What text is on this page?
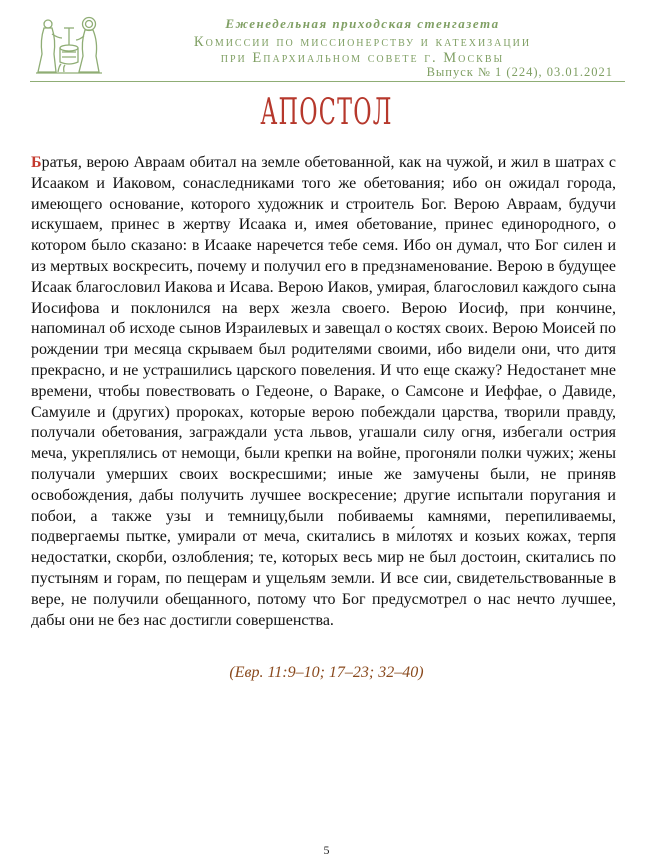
Еженедельная приходская стенгазета
Комиссии по миссионерству и катехизации
при Епархиальном совете г. Москвы
Выпуск № 1 (224), 03.01.2021
АПОСТОЛ

Братья, верою Авраам обитал на земле обетованной, как на чужой, и жил в шатрах с Исааком и Иаковом, сонаследниками того же обетования; ибо он ожидал города, имеющего основание, которого художник и строитель Бог. Верою Авраам, будучи искушаем, принес в жертву Исаака и, имея обетование, принес единородного, о котором было сказано: в Исааке наречется тебе семя. Ибо он думал, что Бог силен и из мертвых воскресить, почему и получил его в предзнаменование. Верою в будущее Исаак благословил Иакова и Исава. Верою Иаков, умирая, благословил каждого сына Иосифова и поклонился на верх жезла своего. Верою Иосиф, при кончине, напоминал об исходе сынов Израилевых и завещал о костях своих. Верою Моисей по рождении три месяца скрываем был родителями своими, ибо видели они, что дитя прекрасно, и не устрашились царского повеления. И что еще скажу? Недостанет мне времени, чтобы повествовать о Гедеоне, о Вараке, о Самсоне и Иеффае, о Давиде, Самуиле и (других) пророках, которые верою побеждали царства, творили правду, получали обетования, заграждали уста львов, угашали силу огня, избегали острия меча, укреплялись от немощи, были крепки на войне, прогоняли полки чужих; жены получали умерших своих воскресшими; иные же замучены были, не приняв освобождения, дабы получить лучшее воскресение; другие испытали поругания и побои, а также узы и темницу,были побиваемы камнями, перепиливаемы, подвергаемы пытке, умирали от меча, скитались в ми́лотях и козьих кожах, терпя недостатки, скорби, озлобления; те, которых весь мир не был достоин, скитались по пустыням и горам, по пещерам и ущельям земли. И все сии, свидетельствованные в вере, не получили обещанного, потому что Бог предусмотрел о нас нечто лучшее, дабы они не без нас достигли совершенства.

(Евр. 11:9–10; 17–23; 32–40)
5
